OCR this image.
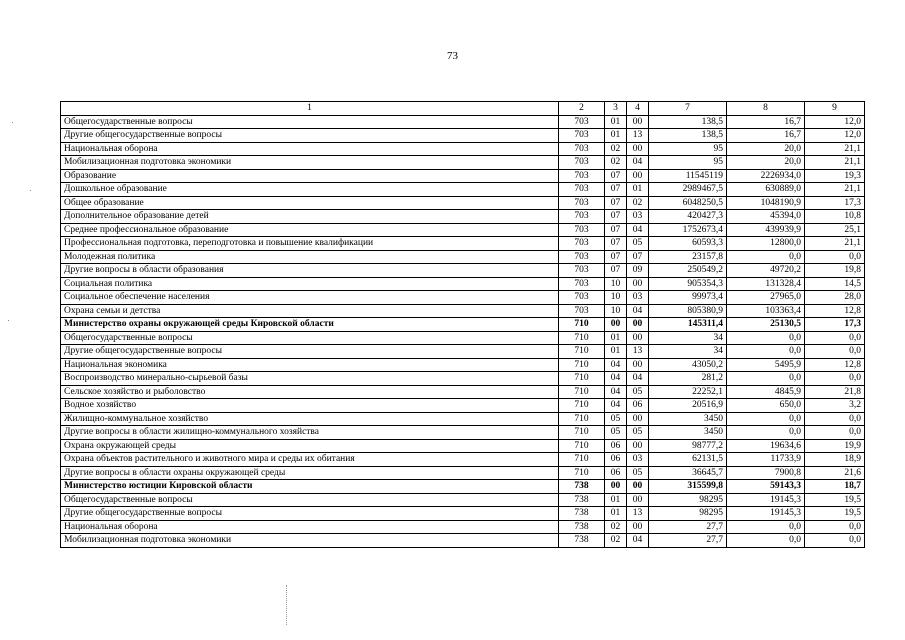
73
1	2	3	4	7	8	9
Общегосударственные вопросы	703	01	00	138,5	16,7	12,0
Другие общегосударственные вопросы	703	01	13	138,5	16,7	12,0
Национальная оборона	703	02	00	95	20,0	21,1
Мобилизационная подготовка экономики	703	02	04	95	20,0	21,1
Образование	703	07	00	11545119	2226934,0	19,3
Дошкольное образование	703	07	01	2989467,5	630889,0	21,1
Общее образование	703	07	02	6048250,5	1048190,9	17,3
Дополнительное образование детей	703	07	03	420427,3	45394,0	10,8
Среднее профессиональное образование	703	07	04	1752673,4	439939,9	25,1
Профессиональная подготовка, переподготовка и повышение квалификации	703	07	05	60593,3	12800,0	21,1
Молодежная политика	703	07	07	23157,8	0,0	0,0
Другие вопросы в области образования	703	07	09	250549,2	49720,2	19,8
Социальная политика	703	10	00	905354,3	131328,4	14,5
Социальное обеспечение населения	703	10	03	99973,4	27965,0	28,0
Охрана семьи и детства	703	10	04	805380,9	103363,4	12,8
Министерство охраны окружающей среды Кировской области	710	00	00	145311,4	25130,5	17,3
Общегосударственные вопросы	710	01	00	34	0,0	0,0
Другие общегосударственные вопросы	710	01	13	34	0,0	0,0
Национальная экономика	710	04	00	43050,2	5495,9	12,8
Воспроизводство минерально-сырьевой базы	710	04	04	281,2	0,0	0,0
Сельское хозяйство и рыболовство	710	04	05	22252,1	4845,9	21,8
Водное хозяйство	710	04	06	20516,9	650,0	3,2
Жилищно-коммунальное хозяйство	710	05	00	3450	0,0	0,0
Другие вопросы в области жилищно-коммунального хозяйства	710	05	05	3450	0,0	0,0
Охрана окружающей среды	710	06	00	98777,2	19634,6	19,9
Охрана объектов растительного и животного мира и среды их обитания	710	06	03	62131,5	11733,9	18,9
Другие вопросы в области охраны окружающей среды	710	06	05	36645,7	7900,8	21,6
Министерство юстиции Кировской области	738	00	00	315599,8	59143,3	18,7
Общегосударственные вопросы	738	01	00	98295	19145,3	19,5
Другие общегосударственные вопросы	738	01	13	98295	19145,3	19,5
Национальная оборона	738	02	00	27,7	0,0	0,0
Мобилизационная подготовка экономики	738	02	04	27,7	0,0	0,0
